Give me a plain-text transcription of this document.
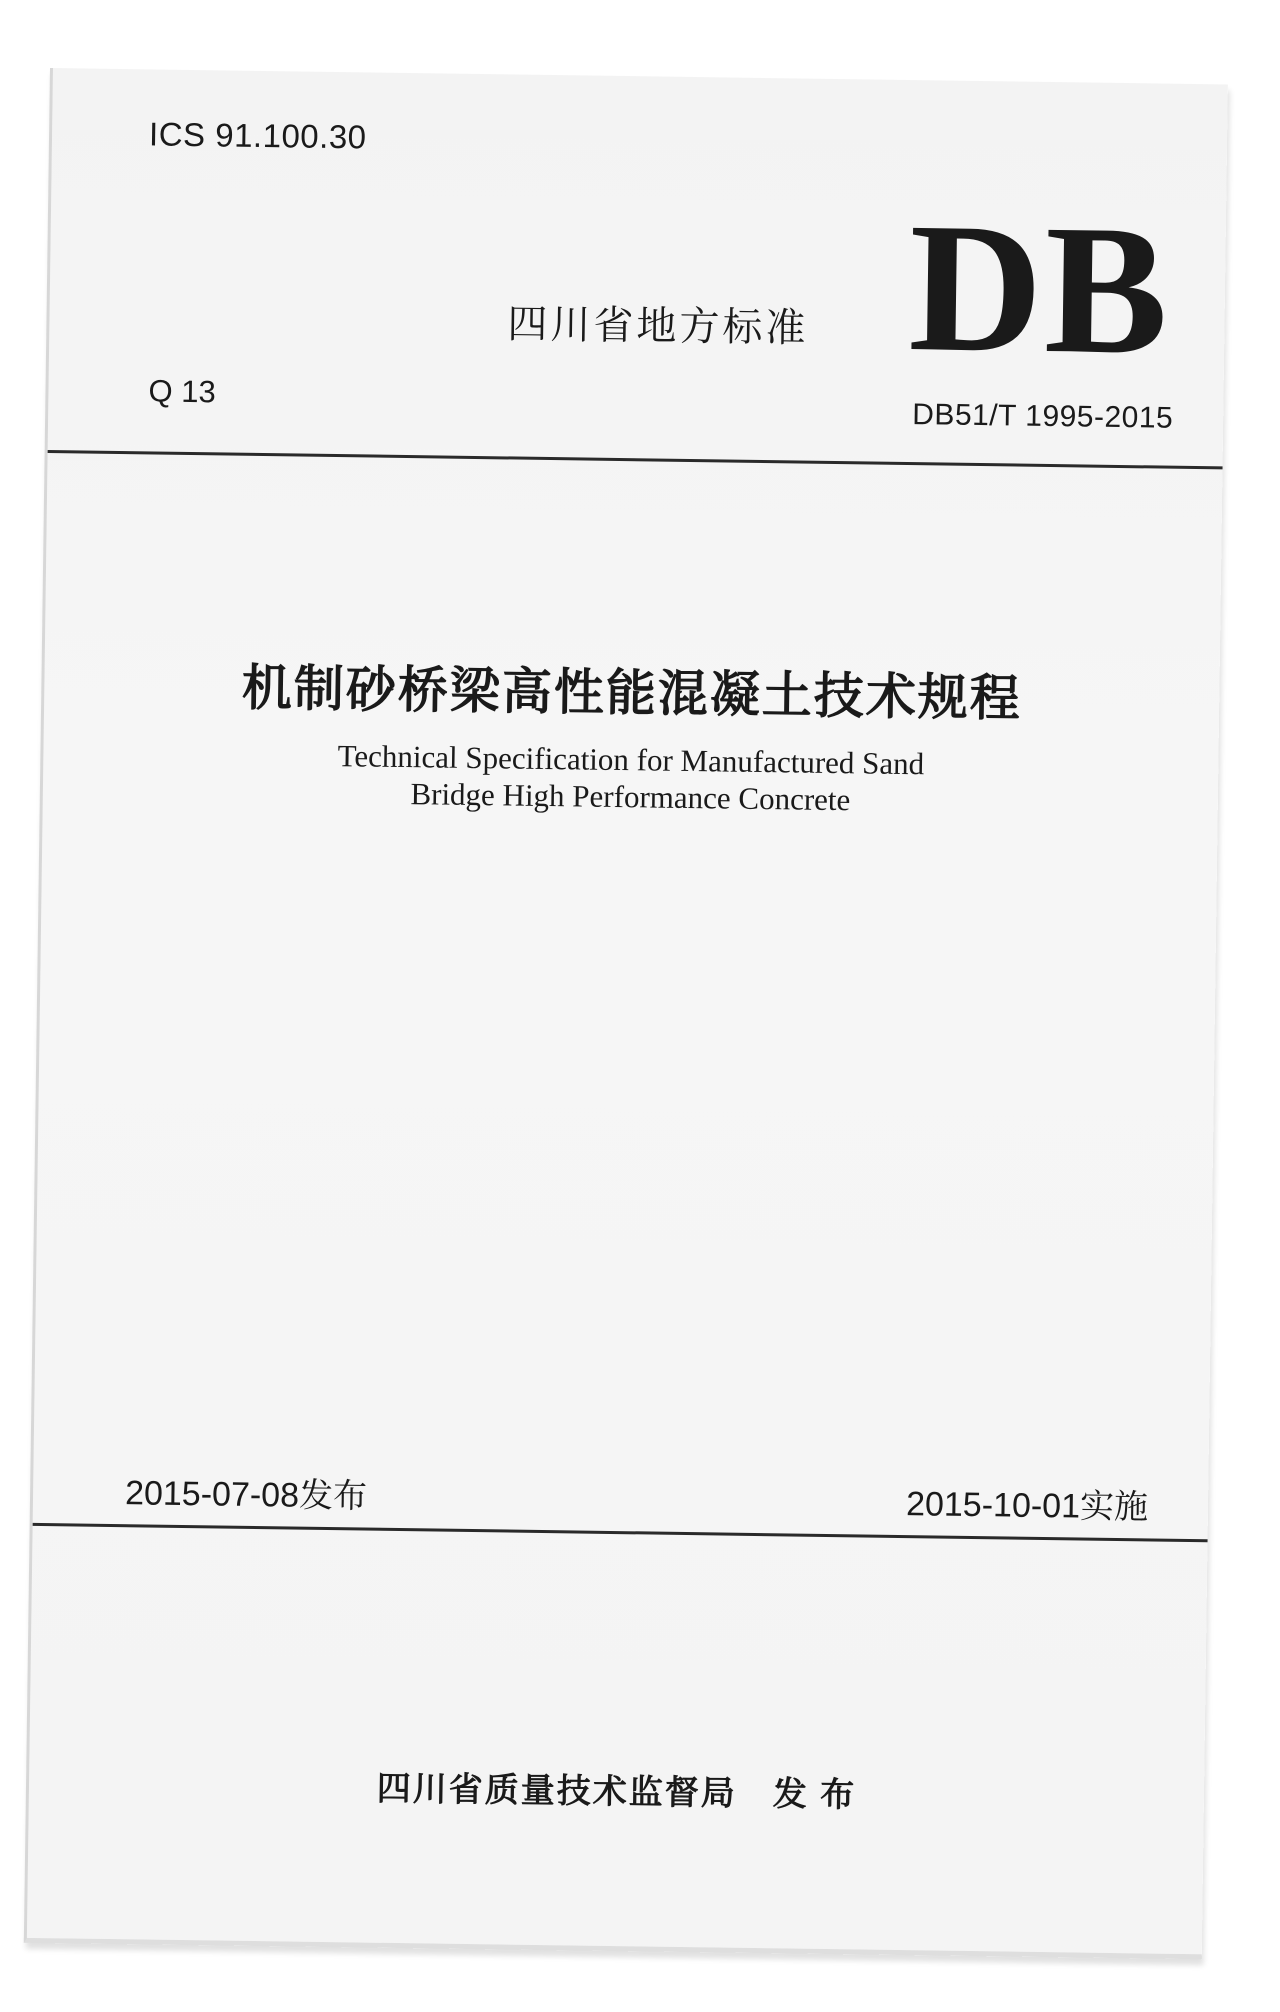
ICS 91.100.30

DB

四川省地方标准

Q 13

DB51/T 1995-2015

机制砂桥梁高性能混凝土技术规程
Technical Specification for Manufactured Sand
Bridge High Performance Concrete

2015-07-08发布	2015-10-01实施

四川省质量技术监督局　发 布
